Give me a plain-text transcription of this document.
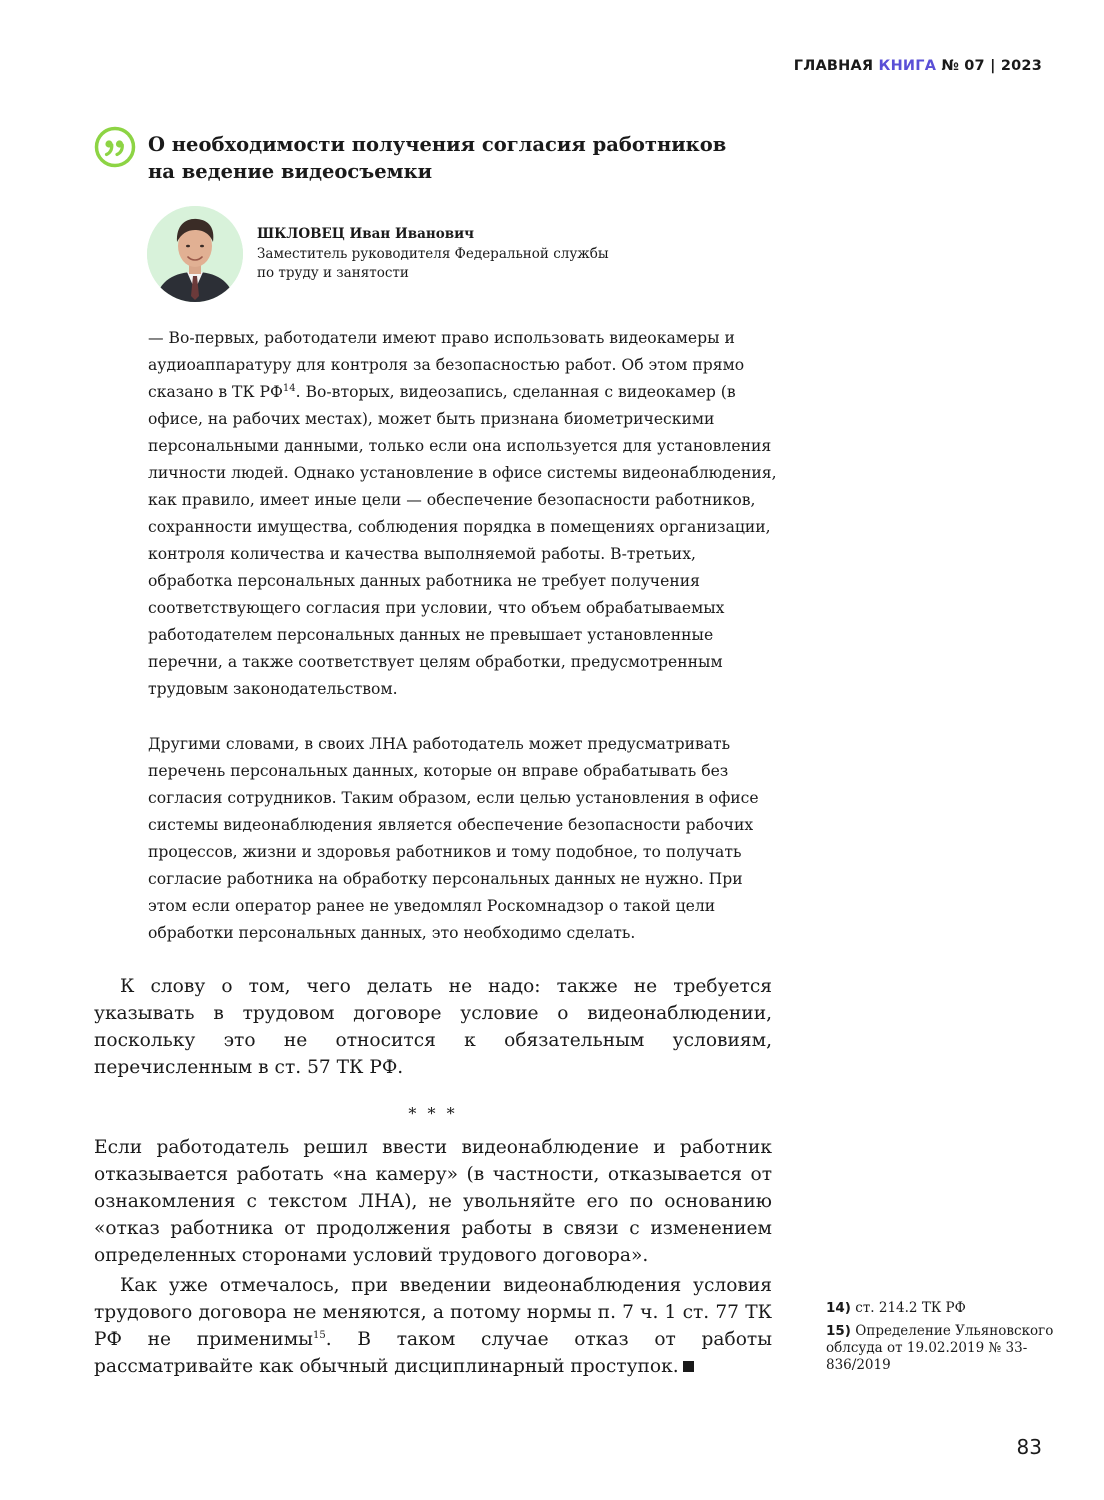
ГЛАВНАЯ КНИГА № 07 | 2023
О необходимости получения согласия работников
на ведение видеосъемки
ШКЛОВЕЦ Иван Иванович
Заместитель руководителя Федеральной службы
по труду и занятости

— Во-первых, работодатели имеют право использовать видеокамеры и аудиоаппаратуру для контроля за безопасностью работ. Об этом прямо сказано в ТК РФ$^{14}$. Во-вторых, видеозапись, сделанная с видеокамер (в офисе, на рабочих местах), может быть признана биометрическими персональными данными, только если она используется для установления личности людей. Однако установление в офисе системы видеонаблюдения, как правило, имеет иные цели — обеспечение безопасности работников, сохранности имущества, соблюдения порядка в помещениях организации, контроля количества и качества выполняемой работы. В-третьих, обработка персональных данных работника не требует получения соответствующего согласия при условии, что объем обрабатываемых работодателем персональных данных не превышает установленные перечни, а также соответствует целям обработки, предусмотренным трудовым законодательством.

Другими словами, в своих ЛНА работодатель может предусматривать перечень персональных данных, которые он вправе обрабатывать без согласия сотрудников. Таким образом, если целью установления в офисе системы видеонаблюдения является обеспечение безопасности рабочих процессов, жизни и здоровья работников и тому подобное, то получать согласие работника на обработку персональных данных не нужно. При этом если оператор ранее не уведомлял Роскомнадзор о такой цели обработки персональных данных, это необходимо сделать.

К слову о том, чего делать не надо: также не требуется указывать в трудовом договоре условие о видеонаблюдении, поскольку это не относится к обязательным условиям, перечисленным в ст. 57 ТК РФ.

* * *

Если работодатель решил ввести видеонаблюдение и работник отказывается работать «на камеру» (в частности, отказывается от ознакомления с текстом ЛНА), не увольняйте его по основанию «отказ работника от продолжения работы в связи с изменением определенных сторонами условий трудового договора».

Как уже отмечалось, при введении видеонаблюдения условия трудового договора не меняются, а потому нормы п. 7 ч. 1 ст. 77 ТК РФ не применимы$^{15}$. В таком случае отказ от работы рассматривайте как обычный дисциплинарный проступок.

14) ст. 214.2 ТК РФ
15) Определение Ульяновского облсуда от 19.02.2019 № 33-836/2019
83
